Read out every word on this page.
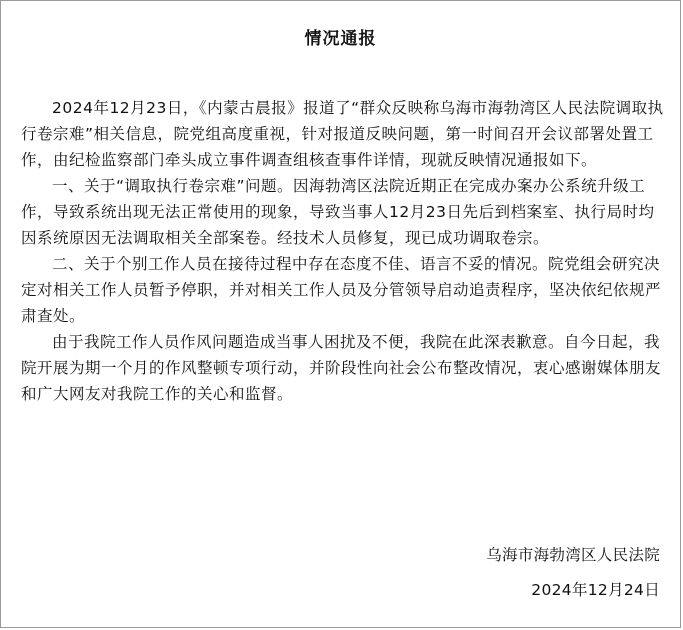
情况通报

2024年12月23日，《内蒙古晨报》报道了“群众反映称乌海市海勃湾区人民法院调取执行卷宗难”相关信息，院党组高度重视，针对报道反映问题，第一时间召开会议部署处置工作，由纪检监察部门牵头成立事件调查组核查事件详情，现就反映情况通报如下。

一、关于“调取执行卷宗难”问题。因海勃湾区法院近期正在完成办案办公系统升级工作，导致系统出现无法正常使用的现象，导致当事人12月23日先后到档案室、执行局时均因系统原因无法调取相关全部案卷。经技术人员修复，现已成功调取卷宗。

二、关于个别工作人员在接待过程中存在态度不佳、语言不妥的情况。院党组会研究决定对相关工作人员暂予停职，并对相关工作人员及分管领导启动追责程序，坚决依纪依规严肃查处。

由于我院工作人员作风问题造成当事人困扰及不便，我院在此深表歉意。自今日起，我院开展为期一个月的作风整顿专项行动，并阶段性向社会公布整改情况，衷心感谢媒体朋友和广大网友对我院工作的关心和监督。

乌海市海勃湾区人民法院
2024年12月24日
